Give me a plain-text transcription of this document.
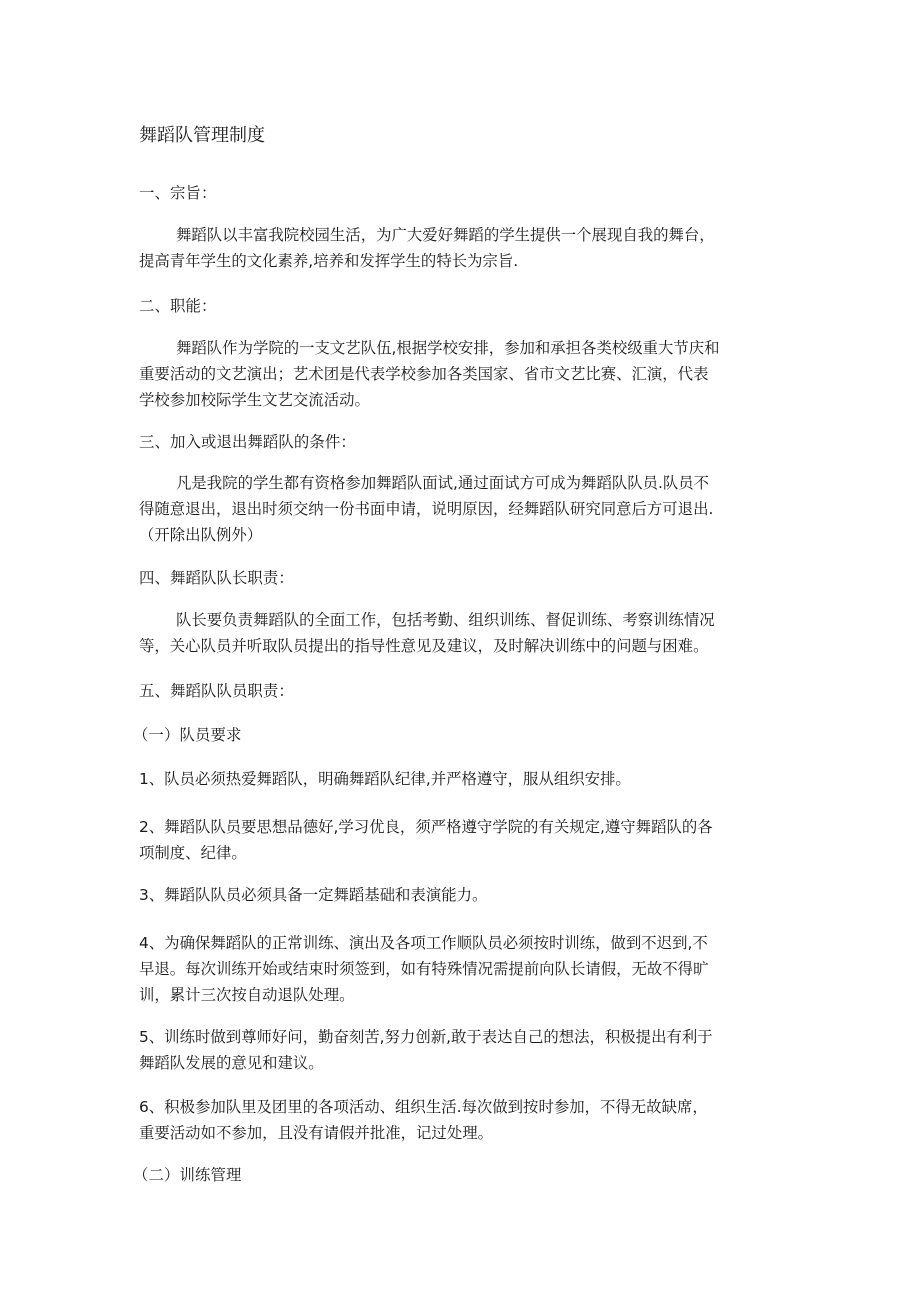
舞蹈队管理制度
一、宗旨：
舞蹈队以丰富我院校园生活，为广大爱好舞蹈的学生提供一个展现自我的舞台，
提高青年学生的文化素养,培养和发挥学生的特长为宗旨.
二、职能：
舞蹈队作为学院的一支文艺队伍,根据学校安排，参加和承担各类校级重大节庆和
重要活动的文艺演出；艺术团是代表学校参加各类国家、省市文艺比赛、汇演，代表
学校参加校际学生文艺交流活动。
三、加入或退出舞蹈队的条件：
凡是我院的学生都有资格参加舞蹈队面试,通过面试方可成为舞蹈队队员.队员不
得随意退出，退出时须交纳一份书面申请，说明原因，经舞蹈队研究同意后方可退出.
（开除出队例外）
四、舞蹈队队长职责：
队长要负责舞蹈队的全面工作，包括考勤、组织训练、督促训练、考察训练情况
等，关心队员并听取队员提出的指导性意见及建议，及时解决训练中的问题与困难。
五、舞蹈队队员职责：
（一）队员要求
1、队员必须热爱舞蹈队，明确舞蹈队纪律,并严格遵守，服从组织安排。
2、舞蹈队队员要思想品德好,学习优良，须严格遵守学院的有关规定,遵守舞蹈队的各
项制度、纪律。
3、舞蹈队队员必须具备一定舞蹈基础和表演能力。
4、为确保舞蹈队的正常训练、演出及各项工作顺队员必须按时训练，做到不迟到,不
早退。每次训练开始或结束时须签到，如有特殊情况需提前向队长请假，无故不得旷
训，累计三次按自动退队处理。
5、训练时做到尊师好问，勤奋刻苦,努力创新,敢于表达自己的想法，积极提出有利于
舞蹈队发展的意见和建议。
6、积极参加队里及团里的各项活动、组织生活.每次做到按时参加，不得无故缺席，
重要活动如不参加，且没有请假并批准，记过处理。
（二）训练管理
